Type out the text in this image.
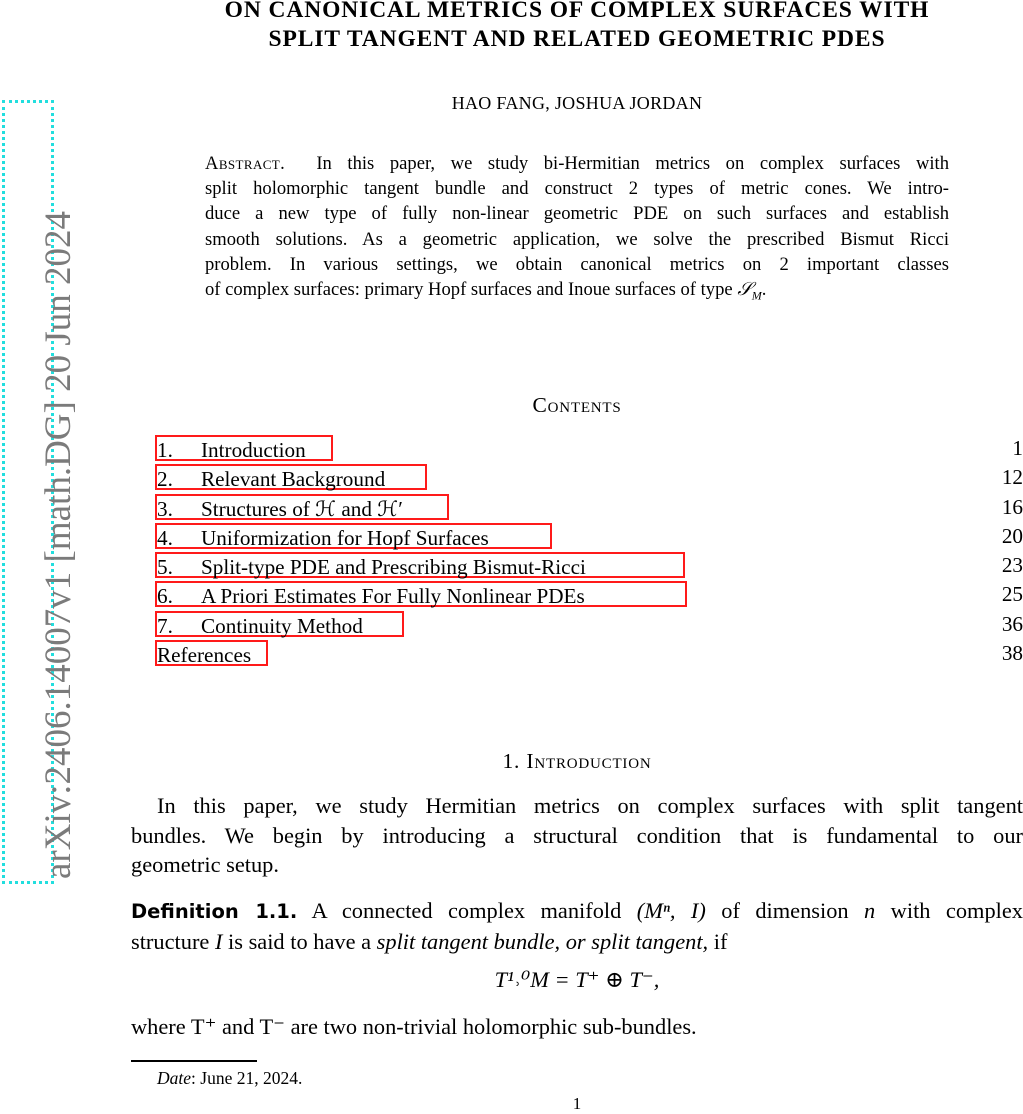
arXiv:2406.14007v1 [math.DG] 20 Jun 2024
ON CANONICAL METRICS OF COMPLEX SURFACES WITH
SPLIT TANGENT AND RELATED GEOMETRIC PDES
HAO FANG, JOSHUA JORDAN
Abstract. In this paper, we study bi-Hermitian metrics on complex surfaces with
split holomorphic tangent bundle and construct 2 types of metric cones. We intro-
duce a new type of fully non-linear geometric PDE on such surfaces and establish
smooth solutions. As a geometric application, we solve the prescribed Bismut Ricci
problem. In various settings, we obtain canonical metrics on 2 important classes
of complex surfaces: primary Hopf surfaces and Inoue surfaces of type 𝒮$_M$.
Contents
1. Introduction	1
2. Relevant Background	12
3. Structures of ℋ and ℋ′	16
4. Uniformization for Hopf Surfaces	20
5. Split-type PDE and Prescribing Bismut-Ricci	23
6. A Priori Estimates For Fully Nonlinear PDEs	25
7. Continuity Method	36
References	38
1. Introduction
In this paper, we study Hermitian metrics on complex surfaces with split tangent
bundles. We begin by introducing a structural condition that is fundamental to our
geometric setup.
Definition 1.1. A connected complex manifold (Mⁿ, I) of dimension n with complex
structure I is said to have a split tangent bundle, or split tangent, if
T¹˒⁰M = T⁺ ⊕ T⁻,
where T⁺ and T⁻ are two non-trivial holomorphic sub-bundles.
Date: June 21, 2024.
1
